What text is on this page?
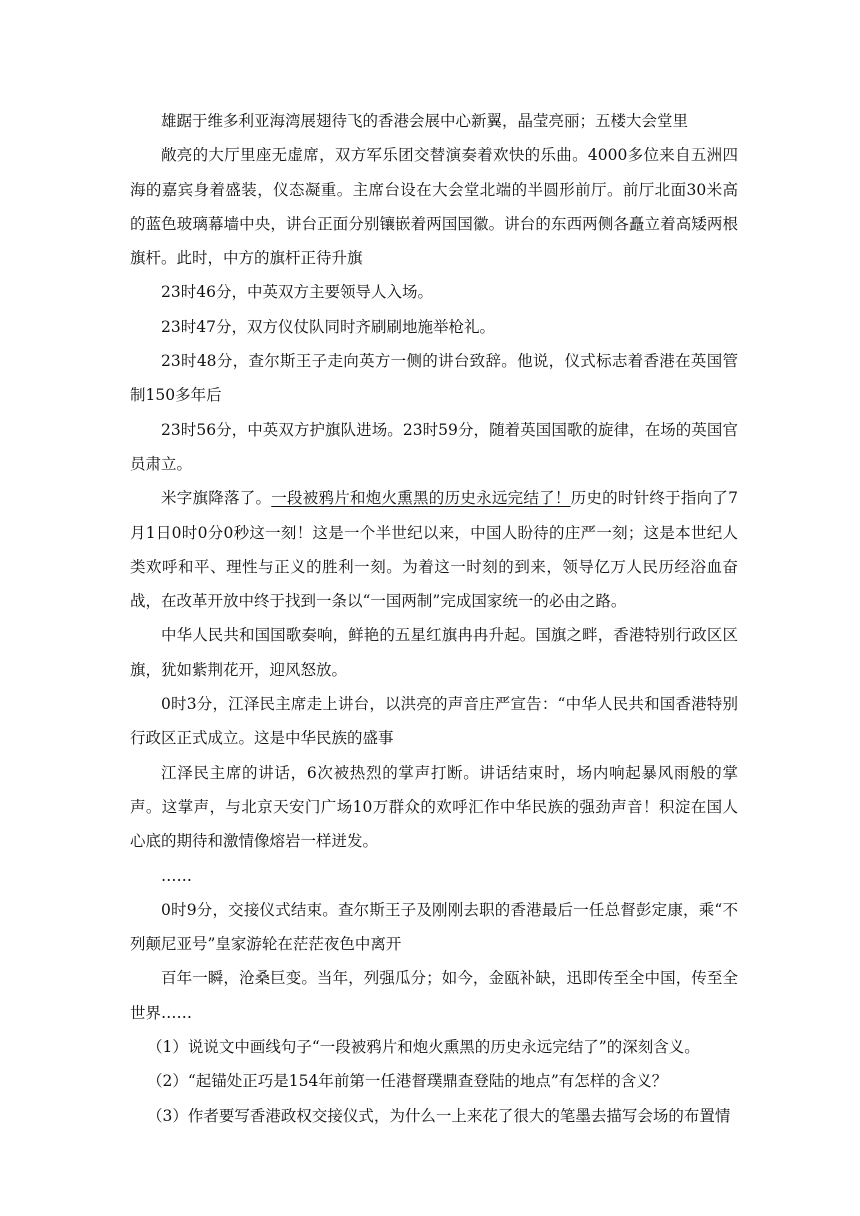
雄踞于维多利亚海湾展翅待飞的香港会展中心新翼，晶莹亮丽；五楼大会堂里

敞亮的大厅里座无虚席，双方军乐团交替演奏着欢快的乐曲。4000多位来自五洲四海的嘉宾身着盛装，仪态凝重。主席台设在大会堂北端的半圆形前厅。前厅北面30米高的蓝色玻璃幕墙中央，讲台正面分别镶嵌着两国国徽。讲台的东西两侧各矗立着高矮两根旗杆。此时，中方的旗杆正待升旗

23时46分，中英双方主要领导人入场。

23时47分，双方仪仗队同时齐刷刷地施举枪礼。

23时48分，查尔斯王子走向英方一侧的讲台致辞。他说，仪式标志着香港在英国管制150多年后

23时56分，中英双方护旗队进场。23时59分，随着英国国歌的旋律，在场的英国官员肃立。

米字旗降落了。一段被鸦片和炮火熏黑的历史永远完结了！历史的时针终于指向了7月1日0时0分0秒这一刻！这是一个半世纪以来，中国人盼待的庄严一刻；这是本世纪人类欢呼和平、理性与正义的胜利一刻。为着这一时刻的到来，领导亿万人民历经浴血奋战，在改革开放中终于找到一条以“一国两制”完成国家统一的必由之路。

中华人民共和国国歌奏响，鲜艳的五星红旗冉冉升起。国旗之畔，香港特别行政区区旗，犹如紫荆花开，迎风怒放。

0时3分，江泽民主席走上讲台，以洪亮的声音庄严宣告：“中华人民共和国香港特别行政区正式成立。这是中华民族的盛事

江泽民主席的讲话，6次被热烈的掌声打断。讲话结束时，场内响起暴风雨般的掌声。这掌声，与北京天安门广场10万群众的欢呼汇作中华民族的强劲声音！积淀在国人心底的期待和激情像熔岩一样迸发。

……

0时9分，交接仪式结束。查尔斯王子及刚刚去职的香港最后一任总督彭定康，乘“不列颠尼亚号”皇家游轮在茫茫夜色中离开

百年一瞬，沧桑巨变。当年，列强瓜分；如今，金瓯补缺，迅即传至全中国，传至全世界……

（1）说说文中画线句子“一段被鸦片和炮火熏黑的历史永远完结了”的深刻含义。

（2）“起锚处正巧是154年前第一任港督璞鼎查登陆的地点”有怎样的含义？

（3）作者要写香港政权交接仪式，为什么一上来花了很大的笔墨去描写会场的布置情
